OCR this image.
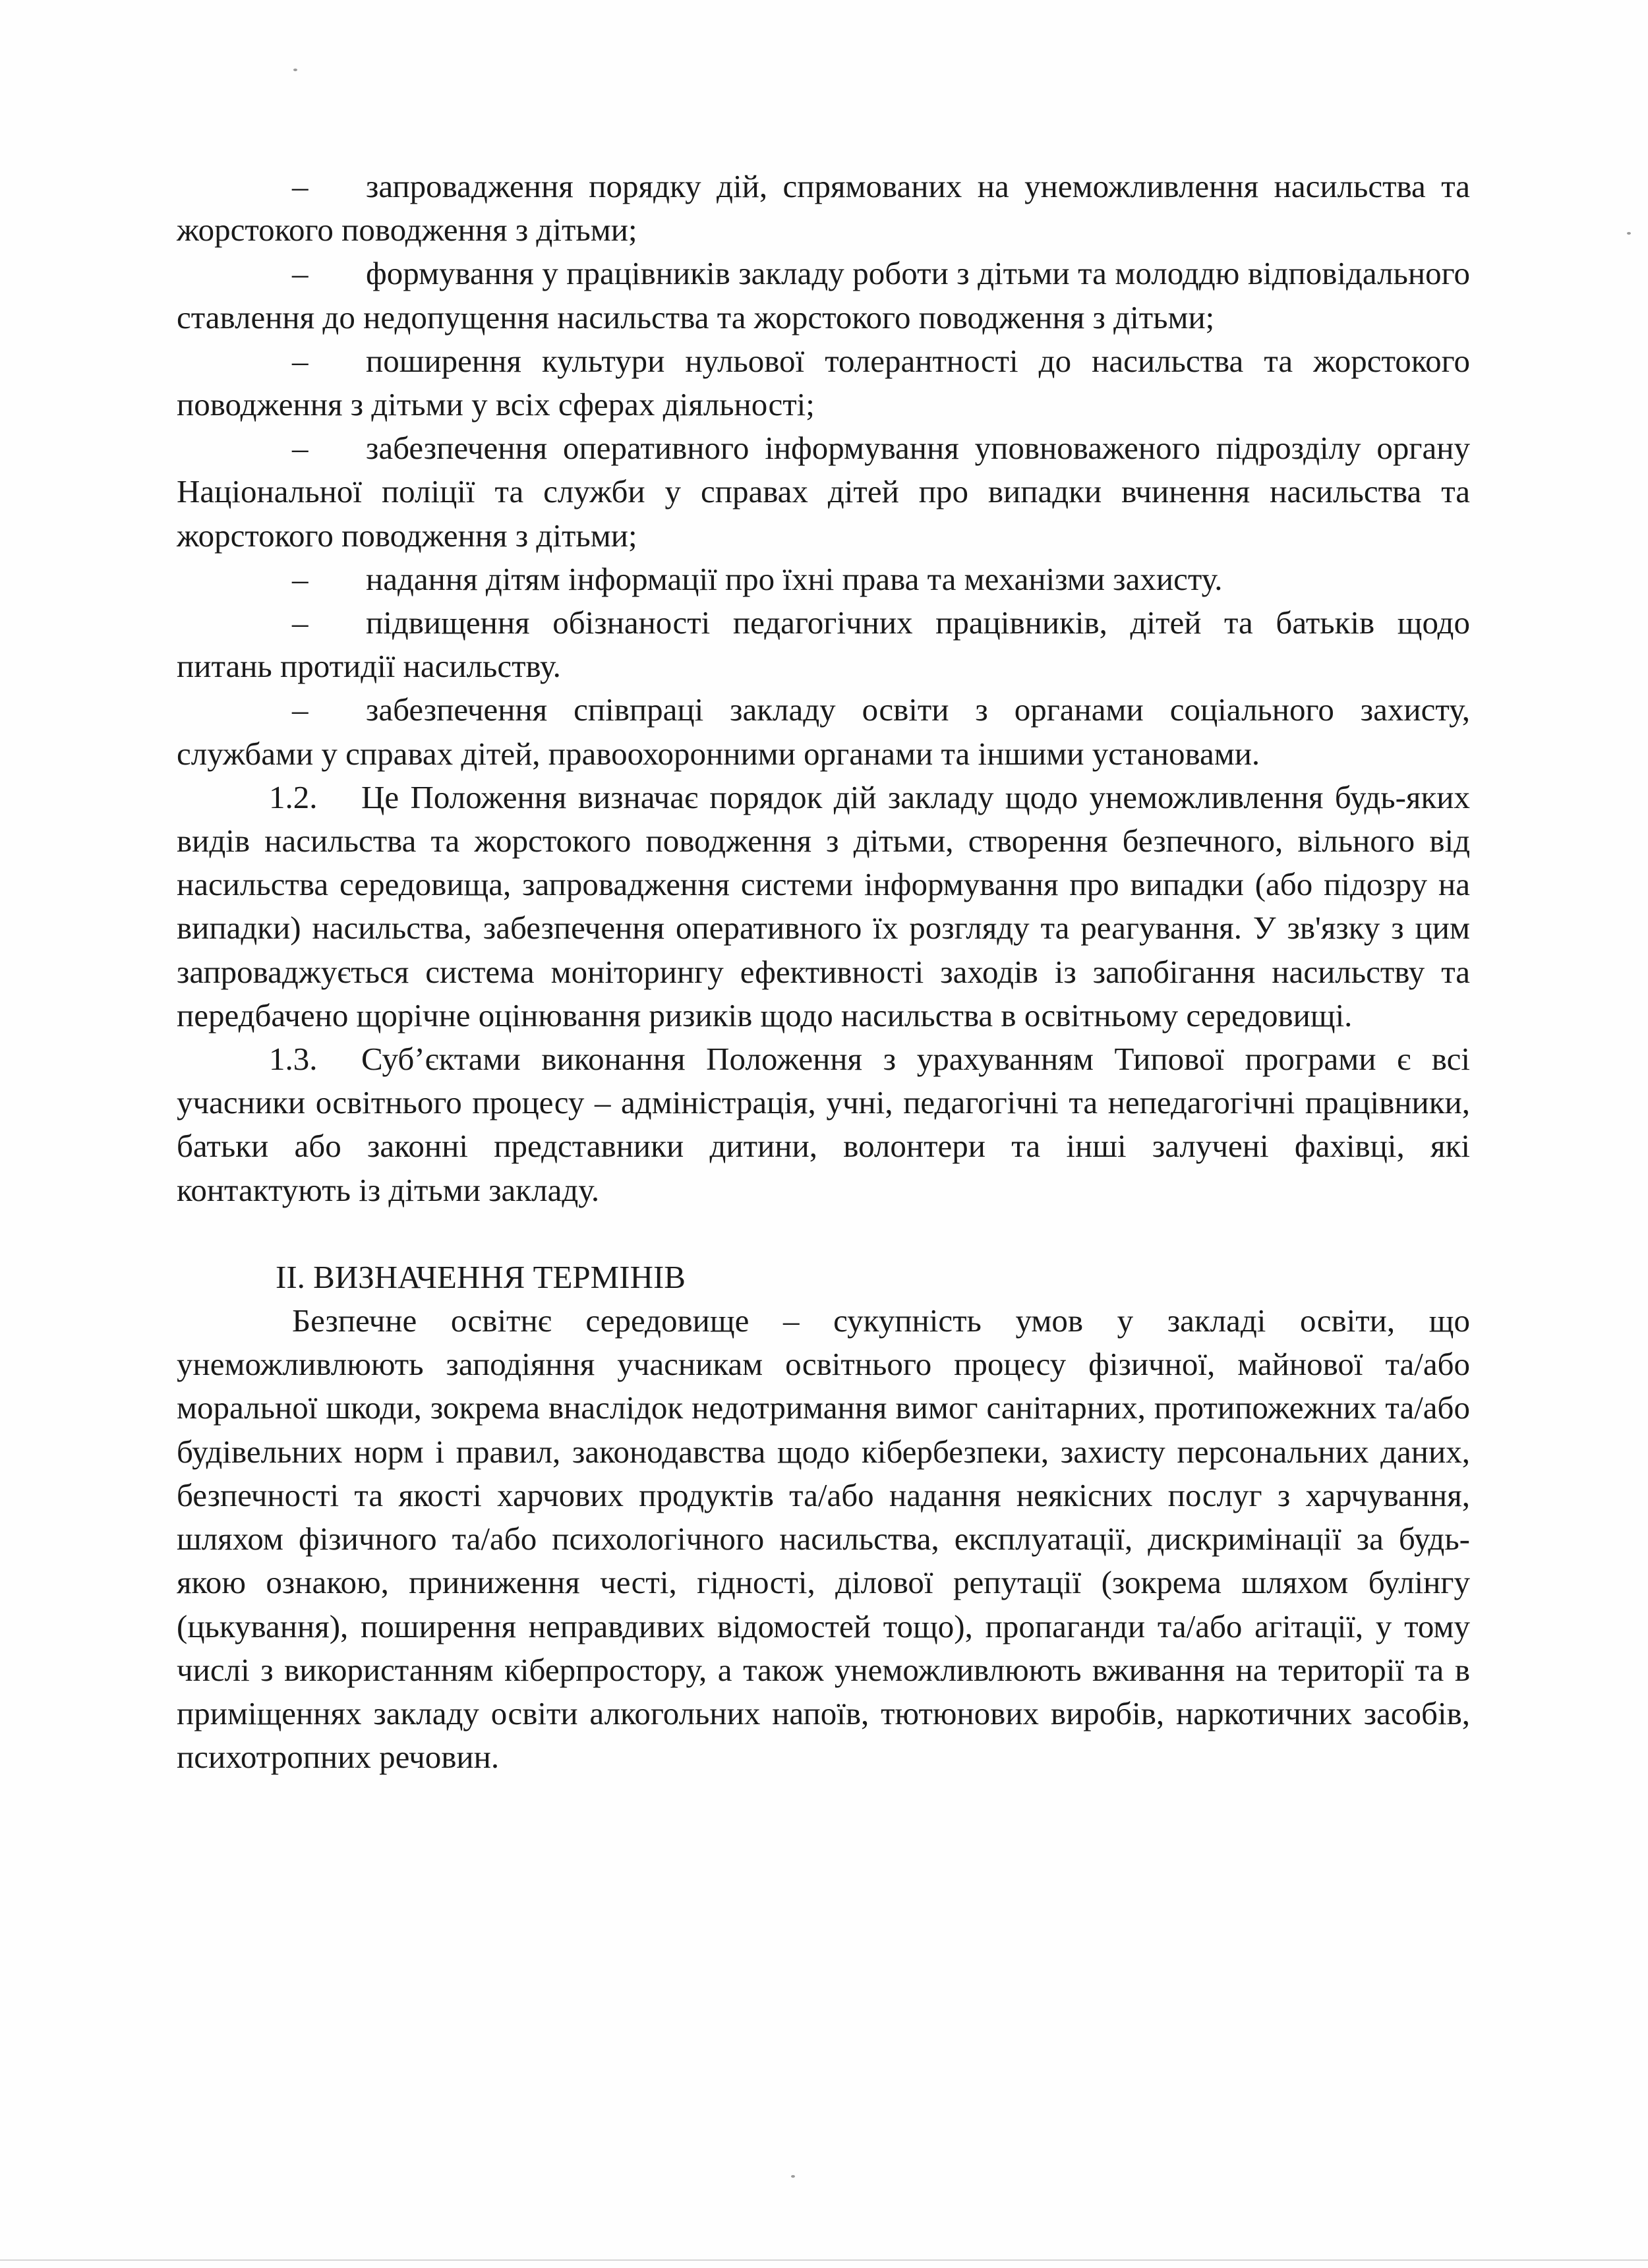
– запровадження порядку дій, спрямованих на унеможливлення насильства та жорстокого поводження з дітьми;

– формування у працівників закладу роботи з дітьми та молоддю відповідального ставлення до недопущення насильства та жорстокого поводження з дітьми;

– поширення культури нульової толерантності до насильства та жорстокого поводження з дітьми у всіх сферах діяльності;

– забезпечення оперативного інформування уповноваженого підрозділу органу Національної поліції та служби у справах дітей про випадки вчинення насильства та жорстокого поводження з дітьми;

– надання дітям інформації про їхні права та механізми захисту.

– підвищення обізнаності педагогічних працівників, дітей та батьків щодо питань протидії насильству.

– забезпечення співпраці закладу освіти з органами соціального захисту, службами у справах дітей, правоохоронними органами та іншими установами.

1.2. Це Положення визначає порядок дій закладу щодо унеможливлення будь-яких видів насильства та жорстокого поводження з дітьми, створення безпечного, вільного від насильства середовища, запровадження системи інформування про випадки (або підозру на випадки) насильства, забезпечення оперативного їх розгляду та реагування. У зв'язку з цим запроваджується система моніторингу ефективності заходів із запобігання насильству та передбачено щорічне оцінювання ризиків щодо насильства в освітньому середовищі.

1.3. Суб’єктами виконання Положення з урахуванням Типової програми є всі учасники освітнього процесу – адміністрація, учні, педагогічні та непедагогічні працівники, батьки або законні представники дитини, волонтери та інші залучені фахівці, які контактують із дітьми закладу.

II. ВИЗНАЧЕННЯ ТЕРМІНІВ

Безпечне освітнє середовище – сукупність умов у закладі освіти, що унеможливлюють заподіяння учасникам освітнього процесу фізичної, майнової та/або моральної шкоди, зокрема внаслідок недотримання вимог санітарних, протипожежних та/або будівельних норм і правил, законодавства щодо кібербезпеки, захисту персональних даних, безпечності та якості харчових продуктів та/або надання неякісних послуг з харчування, шляхом фізичного та/або психологічного насильства, експлуатації, дискримінації за будь-якою ознакою, приниження честі, гідності, ділової репутації (зокрема шляхом булінгу (цькування), поширення неправдивих відомостей тощо), пропаганди та/або агітації, у тому числі з використанням кіберпростору, а також унеможливлюють вживання на території та в приміщеннях закладу освіти алкогольних напоїв, тютюнових виробів, наркотичних засобів, психотропних речовин.
